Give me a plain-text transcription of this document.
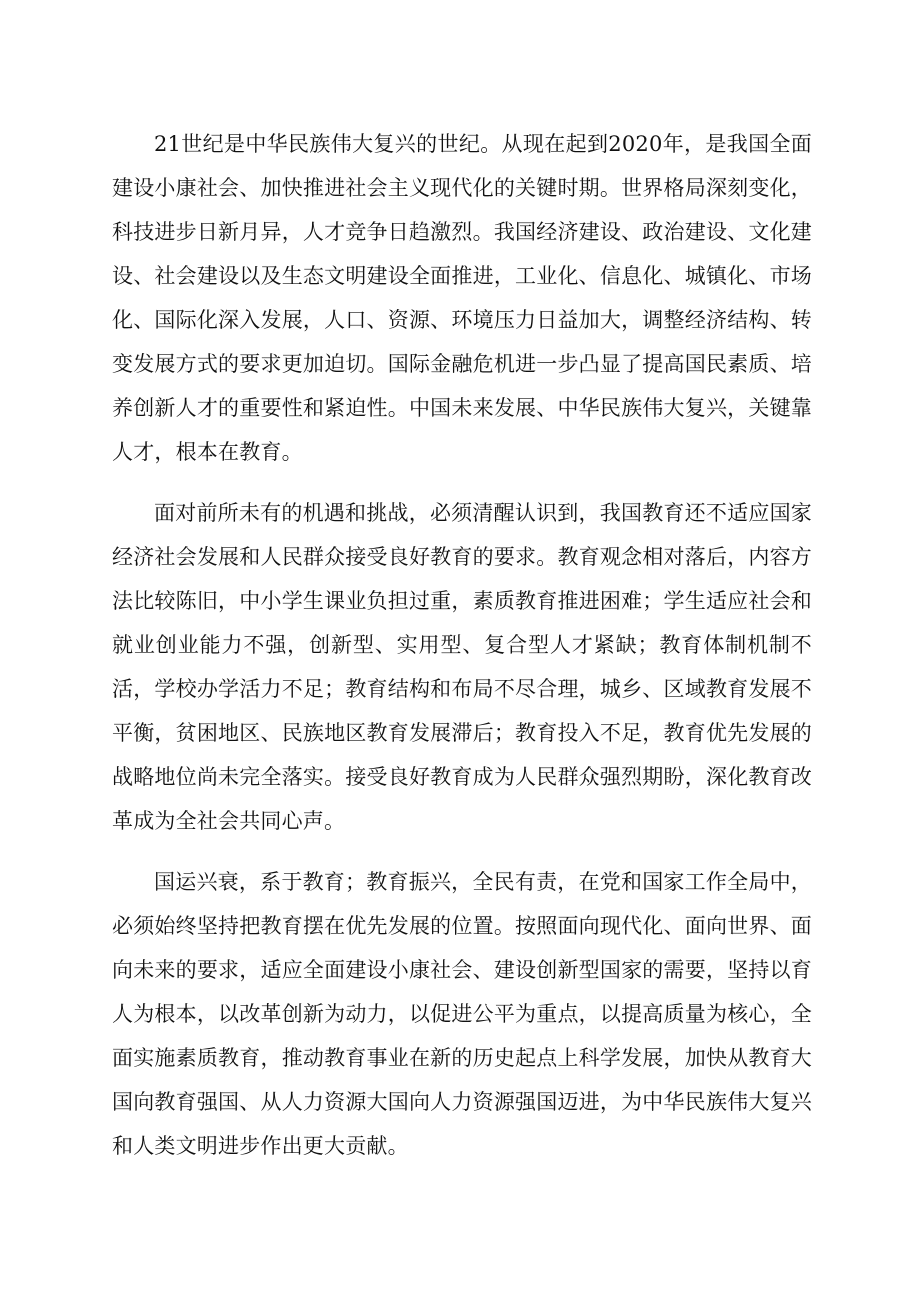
21世纪是中华民族伟大复兴的世纪。从现在起到2020年，是我国全面建设小康社会、加快推进社会主义现代化的关键时期。世界格局深刻变化，科技进步日新月异，人才竞争日趋激烈。我国经济建设、政治建设、文化建设、社会建设以及生态文明建设全面推进，工业化、信息化、城镇化、市场化、国际化深入发展，人口、资源、环境压力日益加大，调整经济结构、转变发展方式的要求更加迫切。国际金融危机进一步凸显了提高国民素质、培养创新人才的重要性和紧迫性。中国未来发展、中华民族伟大复兴，关键靠人才，根本在教育。

面对前所未有的机遇和挑战，必须清醒认识到，我国教育还不适应国家经济社会发展和人民群众接受良好教育的要求。教育观念相对落后，内容方法比较陈旧，中小学生课业负担过重，素质教育推进困难；学生适应社会和就业创业能力不强，创新型、实用型、复合型人才紧缺；教育体制机制不活，学校办学活力不足；教育结构和布局不尽合理，城乡、区域教育发展不平衡，贫困地区、民族地区教育发展滞后；教育投入不足，教育优先发展的战略地位尚未完全落实。接受良好教育成为人民群众强烈期盼，深化教育改革成为全社会共同心声。

国运兴衰，系于教育；教育振兴，全民有责，在党和国家工作全局中，必须始终坚持把教育摆在优先发展的位置。按照面向现代化、面向世界、面向未来的要求，适应全面建设小康社会、建设创新型国家的需要，坚持以育人为根本，以改革创新为动力，以促进公平为重点，以提高质量为核心，全面实施素质教育，推动教育事业在新的历史起点上科学发展，加快从教育大国向教育强国、从人力资源大国向人力资源强国迈进，为中华民族伟大复兴和人类文明进步作出更大贡献。
